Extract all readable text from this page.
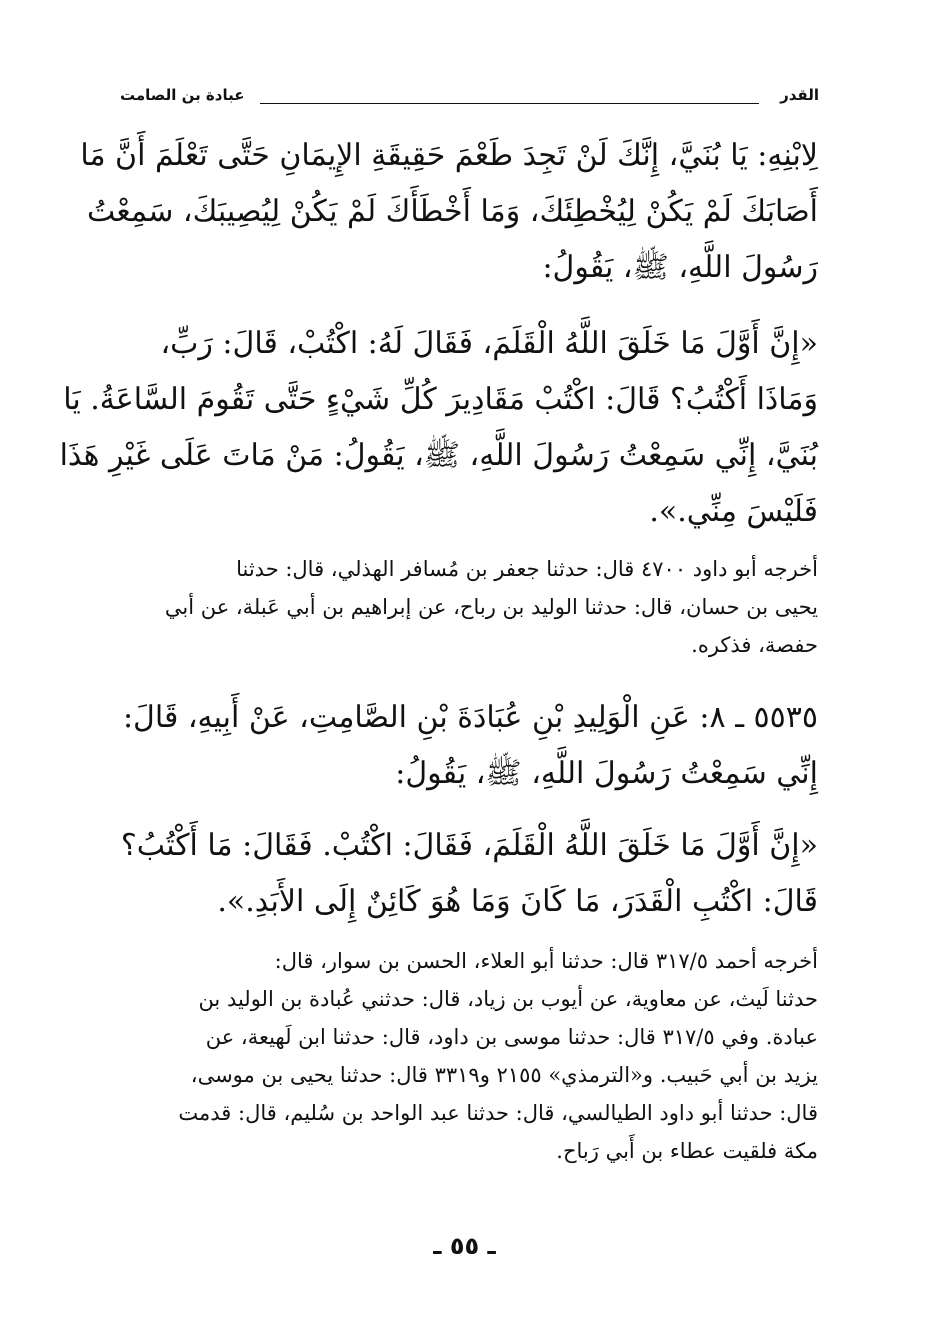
القدر
عبادة بن الصامت
لِابْنِهِ: يَا بُنَيَّ، إِنَّكَ لَنْ تَجِدَ طَعْمَ حَقِيقَةِ الإِيمَانِ حَتَّى تَعْلَمَ أَنَّ مَا
أَصَابَكَ لَمْ يَكُنْ لِيُخْطِئَكَ، وَمَا أَخْطَأَكَ لَمْ يَكُنْ لِيُصِيبَكَ، سَمِعْتُ
رَسُولَ اللَّهِ، ﷺ، يَقُولُ:
«إِنَّ أَوَّلَ مَا خَلَقَ اللَّهُ الْقَلَمَ، فَقَالَ لَهُ: اكْتُبْ، قَالَ: رَبِّ،
وَمَاذَا أَكْتُبُ؟ قَالَ: اكْتُبْ مَقَادِيرَ كُلِّ شَيْءٍ حَتَّى تَقُومَ السَّاعَةُ. يَا
بُنَيَّ، إِنِّي سَمِعْتُ رَسُولَ اللَّهِ، ﷺ، يَقُولُ: مَنْ مَاتَ عَلَى غَيْرِ هَذَا
فَلَيْسَ مِنِّي.».
أخرجه أبو داود ٤٧٠٠ قال: حدثنا جعفر بن مُسافر الهذلي، قال: حدثنا
يحيى بن حسان، قال: حدثنا الوليد بن رباح، عن إبراهيم بن أبي عَبلة، عن أبي
حفصة، فذكره.
٥٥٣٥ ـ ٨: عَنِ الْوَلِيدِ بْنِ عُبَادَةَ بْنِ الصَّامِتِ، عَنْ أَبِيهِ، قَالَ:
إِنِّي سَمِعْتُ رَسُولَ اللَّهِ، ﷺ، يَقُولُ:
«إِنَّ أَوَّلَ مَا خَلَقَ اللَّهُ الْقَلَمَ، فَقَالَ: اكْتُبْ. فَقَالَ: مَا أَكْتُبُ؟
قَالَ: اكْتُبِ الْقَدَرَ، مَا كَانَ وَمَا هُوَ كَائِنٌ إِلَى الأَبَدِ.».
أخرجه أحمد ٣١٧/٥ قال: حدثنا أبو العلاء، الحسن بن سوار، قال:
حدثنا لَيث، عن معاوية، عن أيوب بن زياد، قال: حدثني عُبادة بن الوليد بن
عبادة. وفي ٣١٧/٥ قال: حدثنا موسى بن داود، قال: حدثنا ابن لَهيعة، عن
يزيد بن أبي حَبيب. و«الترمذي» ٢١٥٥ و٣٣١٩ قال: حدثنا يحيى بن موسى،
قال: حدثنا أبو داود الطيالسي، قال: حدثنا عبد الواحد بن سُليم، قال: قدمت
مكة فلقيت عطاء بن أَبي رَباح.
ـ ٥٥ ـ
